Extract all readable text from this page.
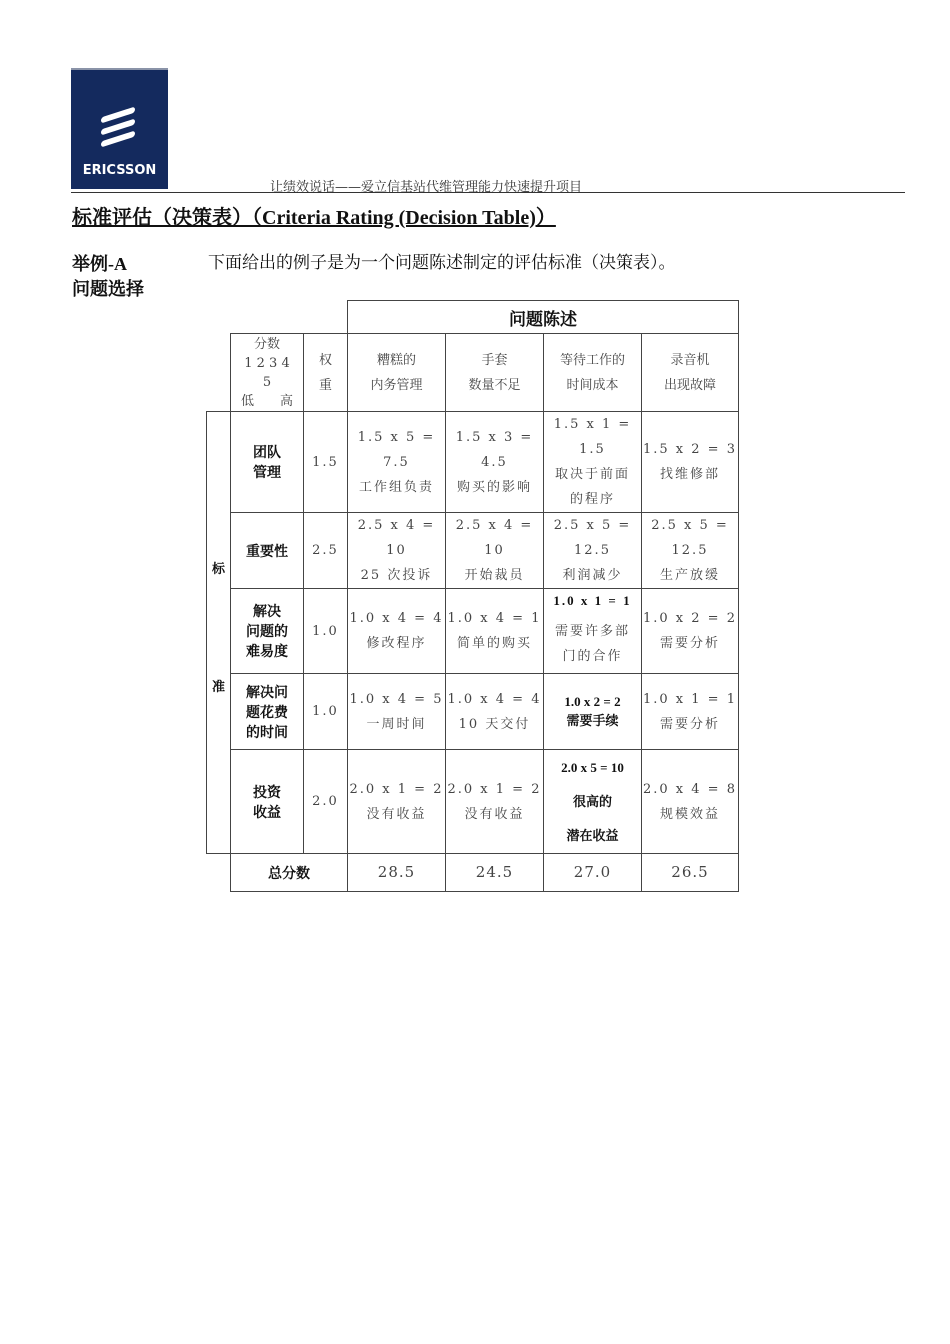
ERICSSON
让绩效说话——爱立信基站代维管理能力快速提升项目
标准评估（决策表）（Criteria Rating (Decision Table)）
举例-A
问题选择
下面给出的例子是为一个问题陈述制定的评估标准（决策表）。
			问题陈述			

	分数
1 2 3 4
5
低　　高	权
重	糟糕的
内务管理	手套
数量不足	等待工作的
时间成本	录音机
出现故障

标
准	团队
管理	1.5	1.5 x 5 =
7.5
工作组负责	1.5 x 3 =
4.5
购买的影响	1.5 x 1 =
1.5
取决于前面
的程序	1.5 x 2 = 3
找维修部

	重要性	2.5	2.5 x 4 =
10
25 次投诉	2.5 x 4 =
10
开始裁员	2.5 x 5 =
12.5
利润减少	2.5 x 5 =
12.5
生产放缓

	解决
问题的
难易度	1.0	1.0 x 4 = 4
修改程序	1.0 x 4 = 1
简单的购买	1.0 x 1 = 1
需要许多部
门的合作	1.0 x 2 = 2
需要分析

	解决问
题花费
的时间	1.0	1.0 x 4 = 5
一周时间	1.0 x 4 = 4
10 天交付	1.0 x 2 = 2
需要手续	1.0 x 1 = 1
需要分析

	投资
收益	2.0	2.0 x 1 = 2
没有收益	2.0 x 1 = 2
没有收益	2.0 x 5 = 10
很高的
潜在收益	2.0 x 4 = 8
规模效益

	总分数		28.5	24.5	27.0	26.5
